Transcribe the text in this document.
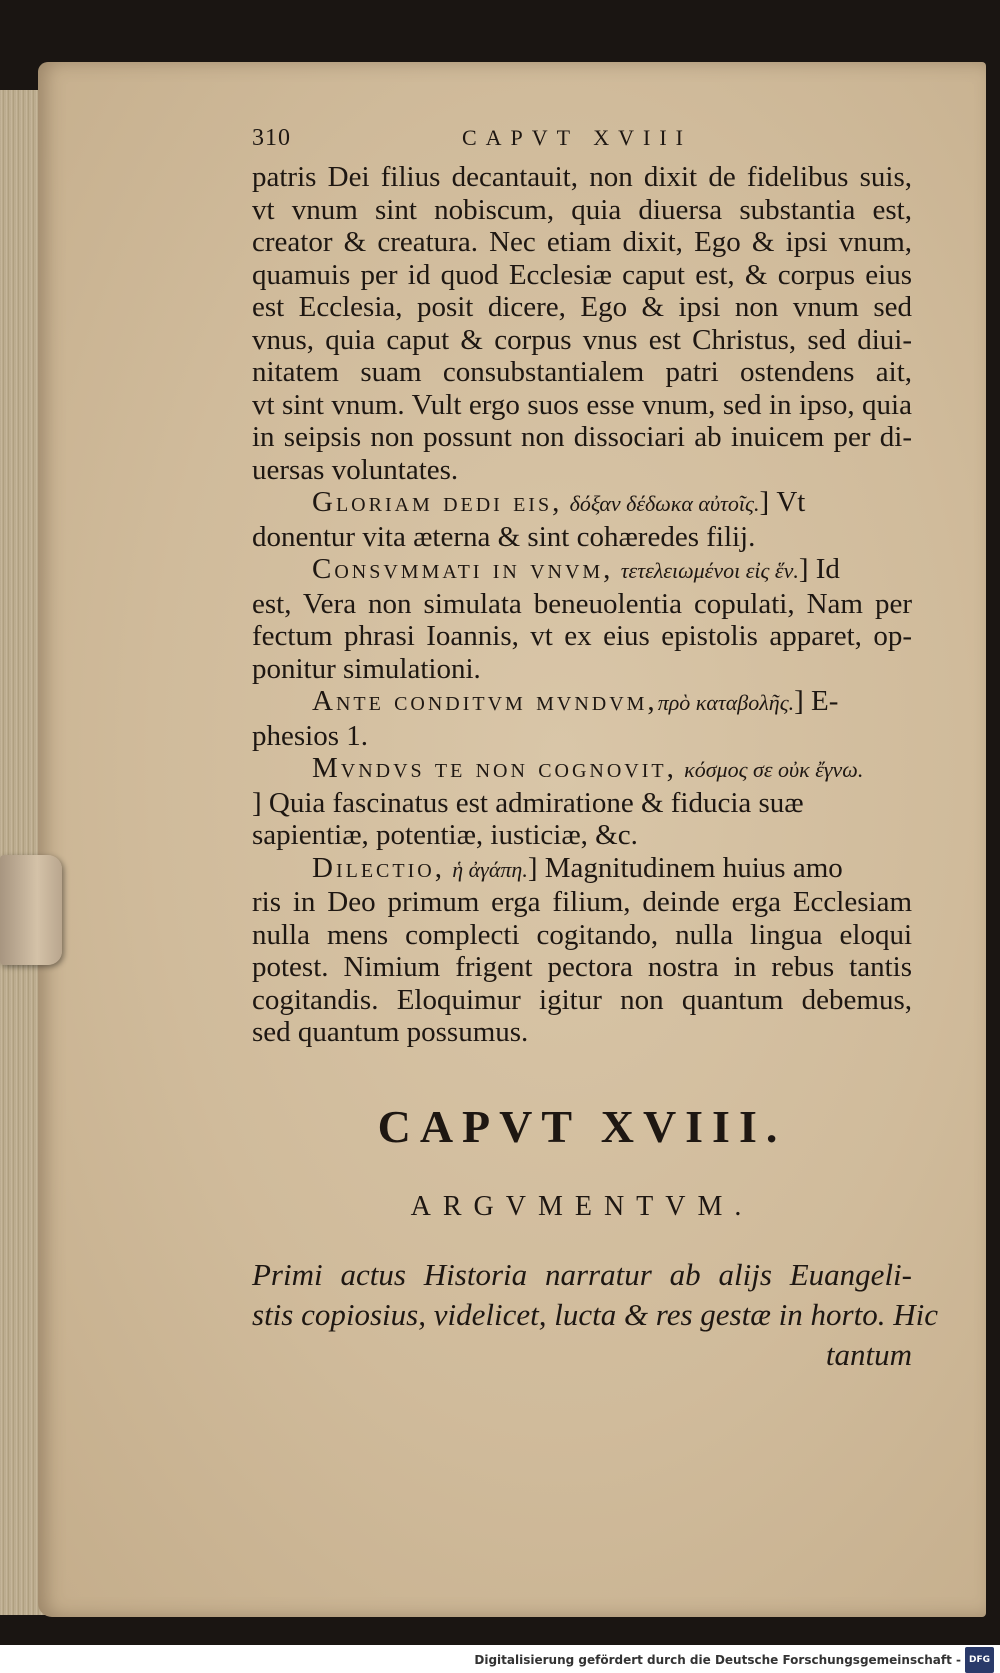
310	CAPVT XVIII
patris Dei filius decantauit, non dixit de fidelibus suis,
vt vnum sint nobiscum, quia diuersa substantia est,
creator & creatura. Nec etiam dixit, Ego & ipsi vnum,
quamuis per id quod Ecclesiæ caput est, & corpus eius
est Ecclesia, posit dicere, Ego & ipsi non vnum sed
vnus, quia caput & corpus vnus est Christus, sed diui-
nitatem suam consubstantialem patri ostendens ait,
vt sint vnum. Vult ergo suos esse vnum, sed in ipso, quia
in seipsis non possunt non dissociari ab inuicem per di-
uersas voluntates.
Gloriam dedi eis, δόξαν δέδωκα αὐτοῖς.] Vt
donentur vita æterna & sint cohæredes filij.
Consvmmati in vnvm, τετελειωμένοι εἰς ἕν.] Id
est, Vera non simulata beneuolentia copulati, Nam per
fectum phrasi Ioannis, vt ex eius epistolis apparet, op-
ponitur simulationi.
Ante conditvm mvndvm,πρὸ καταβολῆς.] E-
phesios 1.
Mvndvs te non cognovit, κόσμος σε οὐκ ἔγνω.
] Quia fascinatus est admiratione & fiducia suæ
sapientiæ, potentiæ, iusticiæ, &c.
Dilectio, ἡ ἀγάπη.] Magnitudinem huius amo
ris in Deo primum erga filium, deinde erga Ecclesiam
nulla mens complecti cogitando, nulla lingua eloqui
potest. Nimium frigent pectora nostra in rebus tantis
cogitandis. Eloquimur igitur non quantum debemus,
sed quantum possumus.
CAPVT XVIII.
ARGVMENTVM.
Primi actus Historia narratur ab alijs Euangeli-
stis copiosius, videlicet, lucta & res gestæ in horto. Hic
tantum
Digitalisierung gefördert durch die Deutsche Forschungsgemeinschaft - DFG
